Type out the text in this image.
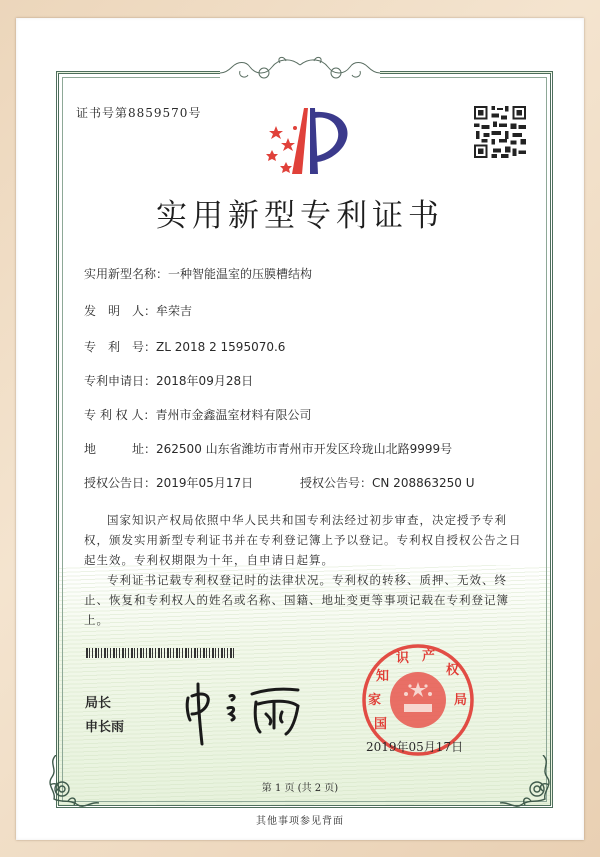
证书号第8859570号
实用新型专利证书
实用新型名称：一种智能温室的压膜槽结构
发　明　人：牟荣吉
专　利　号：ZL 2018 2 1595070.6
专利申请日：2018年09月28日
专 利 权 人：青州市金鑫温室材料有限公司
地　　　址：262500 山东省潍坊市青州市开发区玲珑山北路9999号
授权公告日：2019年05月17日	授权公告号：CN 208863250 U
国家知识产权局依照中华人民共和国专利法经过初步审查，决定授予专利权，颁发实用新型专利证书并在专利登记簿上予以登记。专利权自授权公告之日起生效。专利权期限为十年，自申请日起算。
专利证书记载专利权登记时的法律状况。专利权的转移、质押、无效、终止、恢复和专利权人的姓名或名称、国籍、地址变更等事项记载在专利登记簿上。
局长
申长雨	国
家
知
识 产
权
局
2019年05月17日
第 1 页 (共 2 页)
其他事项参见背面
